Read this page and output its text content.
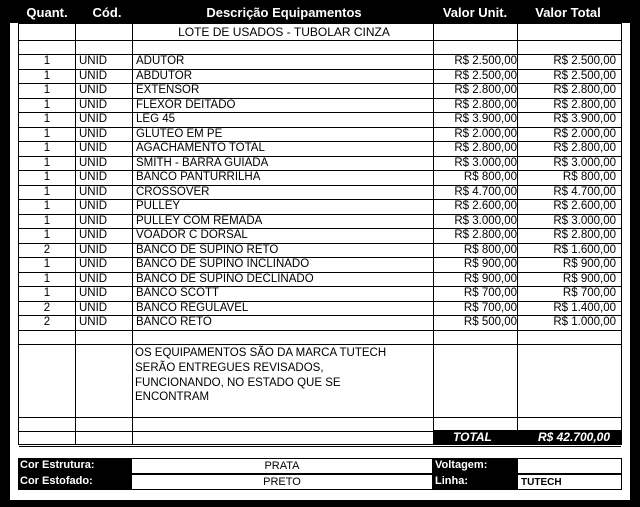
Quant.	Cód.	Descrição Equipamentos	Valor Unit.	Valor Total
LOTE DE USADOS - TUBOLAR CINZA
1	UNID	ADUTOR	R$ 2.500,00	R$ 2.500,00
1	UNID	ABDUTOR	R$ 2.500,00	R$ 2.500,00
1	UNID	EXTENSOR	R$ 2.800,00	R$ 2.800,00
1	UNID	FLEXOR DEITADO	R$ 2.800,00	R$ 2.800,00
1	UNID	LEG 45	R$ 3.900,00	R$ 3.900,00
1	UNID	GLUTEO EM PÉ	R$ 2.000,00	R$ 2.000,00
1	UNID	AGACHAMENTO TOTAL	R$ 2.800,00	R$ 2.800,00
1	UNID	SMITH - BARRA GUIADA	R$ 3.000,00	R$ 3.000,00
1	UNID	BANCO PANTURRILHA	R$ 800,00	R$ 800,00
1	UNID	CROSSOVER	R$ 4.700,00	R$ 4.700,00
1	UNID	PULLEY	R$ 2.600,00	R$ 2.600,00
1	UNID	PULLEY COM REMADA	R$ 3.000,00	R$ 3.000,00
1	UNID	VOADOR C DORSAL	R$ 2.800,00	R$ 2.800,00
2	UNID	BANCO DE SUPINO RETO	R$ 800,00	R$ 1.600,00
1	UNID	BANCO DE SUPINO INCLINADO	R$ 900,00	R$ 900,00
1	UNID	BANCO DE SUPINO DECLINADO	R$ 900,00	R$ 900,00
1	UNID	BANCO SCOTT	R$ 700,00	R$ 700,00
2	UNID	BANCO REGULAVEL	R$ 700,00	R$ 1.400,00
2	UNID	BANCO RETO	R$ 500,00	R$ 1.000,00
OS EQUIPAMENTOS SÃO DA MARCA TUTECH
SERÃO ENTREGUES REVISADOS,
FUNCIONANDO, NO ESTADO QUE SE
ENCONTRAM
TOTAL	R$ 42.700,00
Cor Estrutura:	PRATA	Voltagem:
Cor Estofado:	PRETO	Linha:	TUTECH
